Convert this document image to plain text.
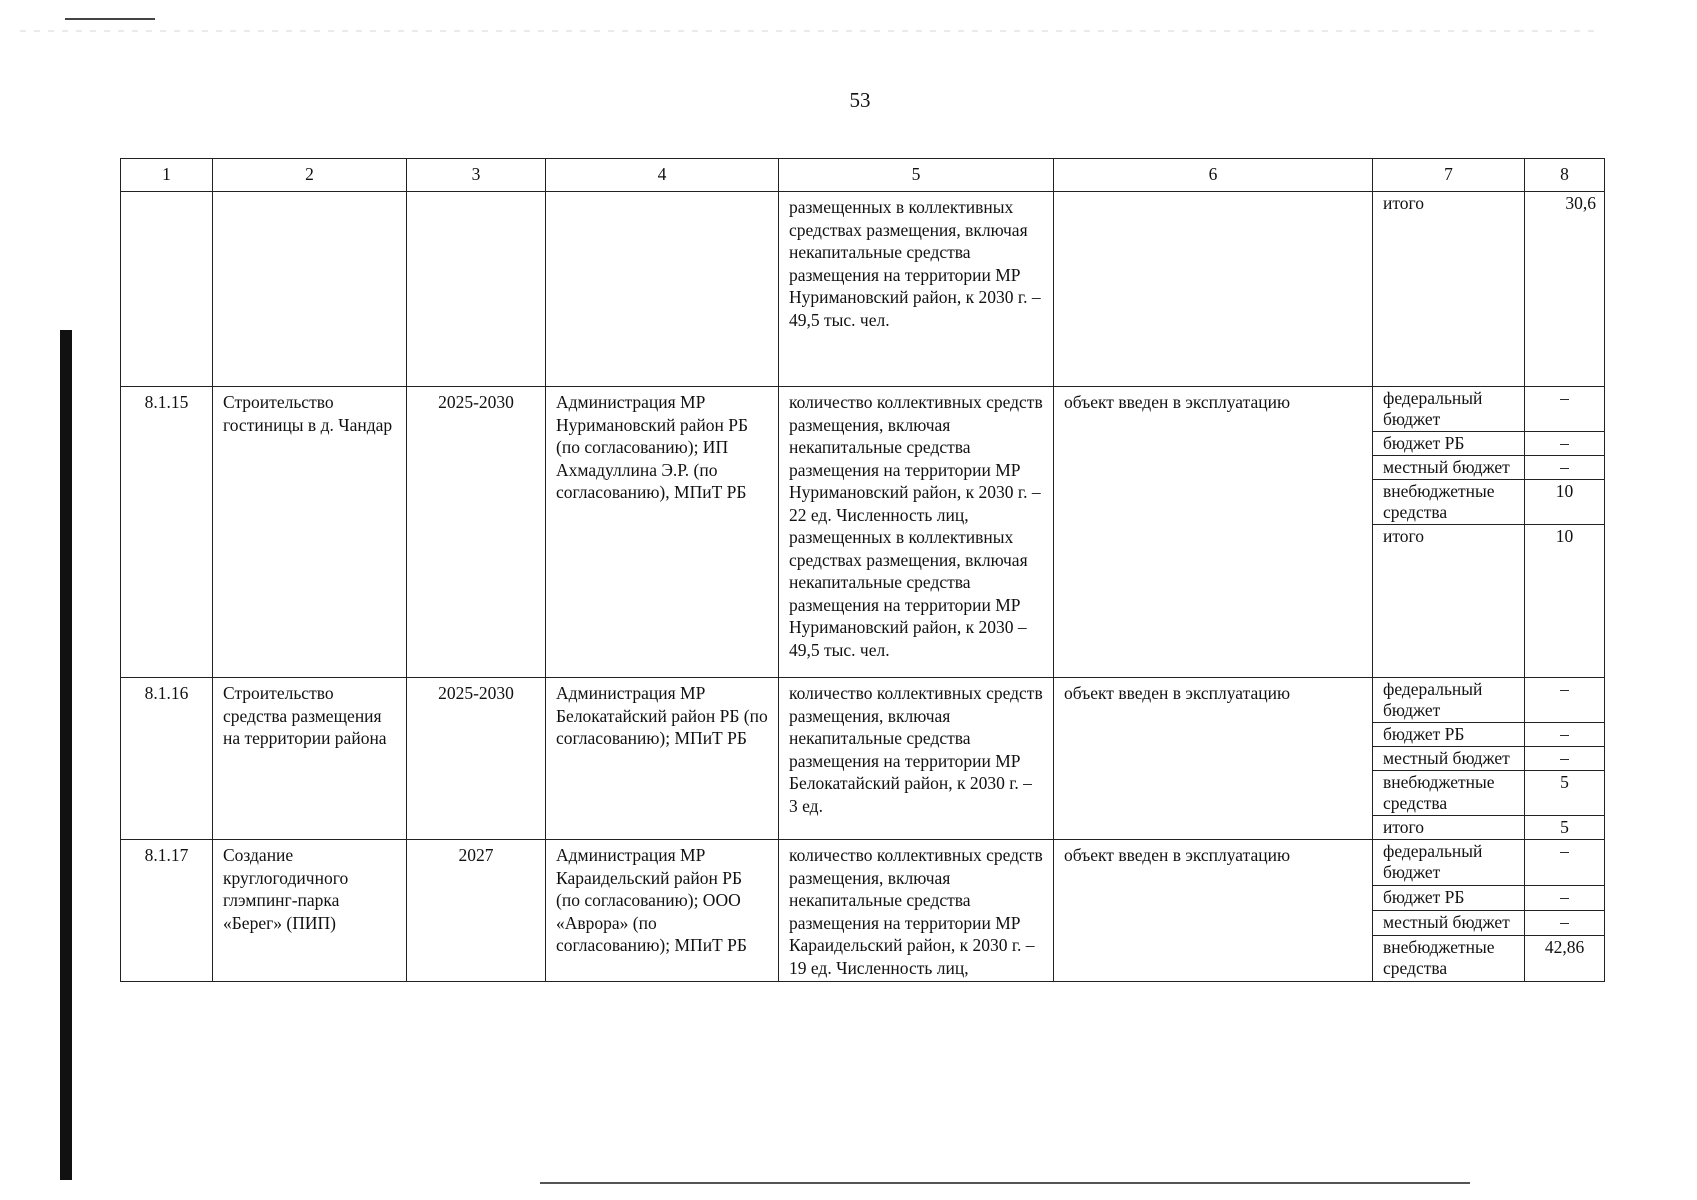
53
1	2	3	4	5	6	7	8
				размещенных в коллективных средствах размещения, включая некапитальные средства размещения на территории МР Нуримановский район, к 2030 г. – 49,5 тыс. чел.		итого	30,6
8.1.15	Строительство гостиницы в д. Чандар	2025-2030	Администрация МР Нуримановский район РБ (по согласованию); ИП Ахмадуллина Э.Р. (по согласованию), МПиТ РБ	количество коллективных средств размещения, включая некапитальные средства размещения на территории МР Нуримановский район, к 2030 г. – 22 ед. Численность лиц, размещенных в коллективных средствах размещения, включая некапитальные средства размещения на территории МР Нуримановский район, к 2030 – 49,5 тыс. чел.	объект введен в эксплуатацию	федеральный бюджет	–
						бюджет РБ	–
						местный бюджет	–
						внебюджетные средства	10
						итого	10
8.1.16	Строительство средства размещения на территории района	2025-2030	Администрация МР Белокатайский район РБ (по согласованию); МПиТ РБ	количество коллективных средств размещения, включая некапитальные средства размещения на территории МР Белокатайский район, к 2030 г. – 3 ед.	объект введен в эксплуатацию	федеральный бюджет	–
						бюджет РБ	–
						местный бюджет	–
						внебюджетные средства	5
						итого	5
8.1.17	Создание круглогодичного глэмпинг-парка «Берег» (ПИП)	2027	Администрация МР Караидельский район РБ (по согласованию); ООО «Аврора» (по согласованию); МПиТ РБ	количество коллективных средств размещения, включая некапитальные средства размещения на территории МР Караидельский район, к 2030 г. – 19 ед. Численность лиц,	объект введен в эксплуатацию	федеральный бюджет	–
						бюджет РБ	–
						местный бюджет	–
						внебюджетные средства	42,86
